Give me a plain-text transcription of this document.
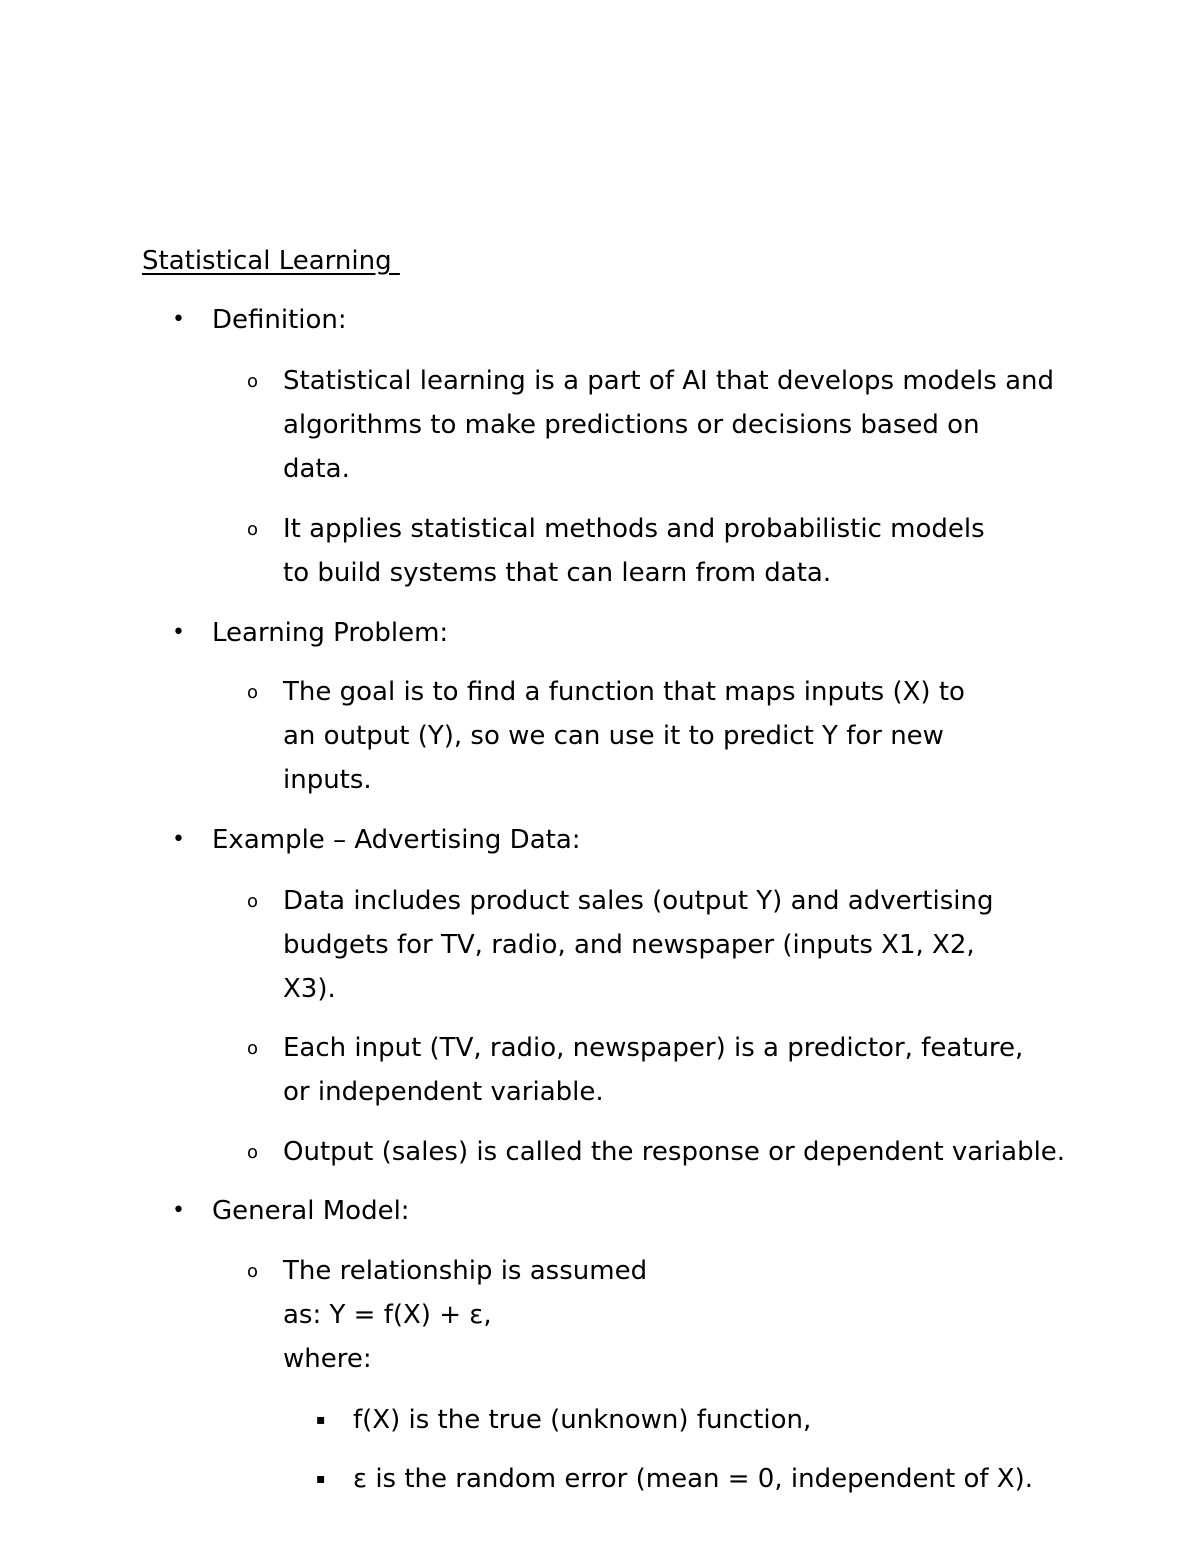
Statistical Learning
• Definition:
o Statistical learning is a part of AI that develops models and
algorithms to make predictions or decisions based on
data.
o It applies statistical methods and probabilistic models
to build systems that can learn from data.
• Learning Problem:
o The goal is to find a function that maps inputs (X) to
an output (Y), so we can use it to predict Y for new
inputs.
• Example – Advertising Data:
o Data includes product sales (output Y) and advertising
budgets for TV, radio, and newspaper (inputs X1, X2,
X3).
o Each input (TV, radio, newspaper) is a predictor, feature,
or independent variable.
o Output (sales) is called the response or dependent variable.
• General Model:
o The relationship is assumed
as: Y = f(X) + ε,
where:
▪ f(X) is the true (unknown) function,
▪ ε is the random error (mean = 0, independent of X).
